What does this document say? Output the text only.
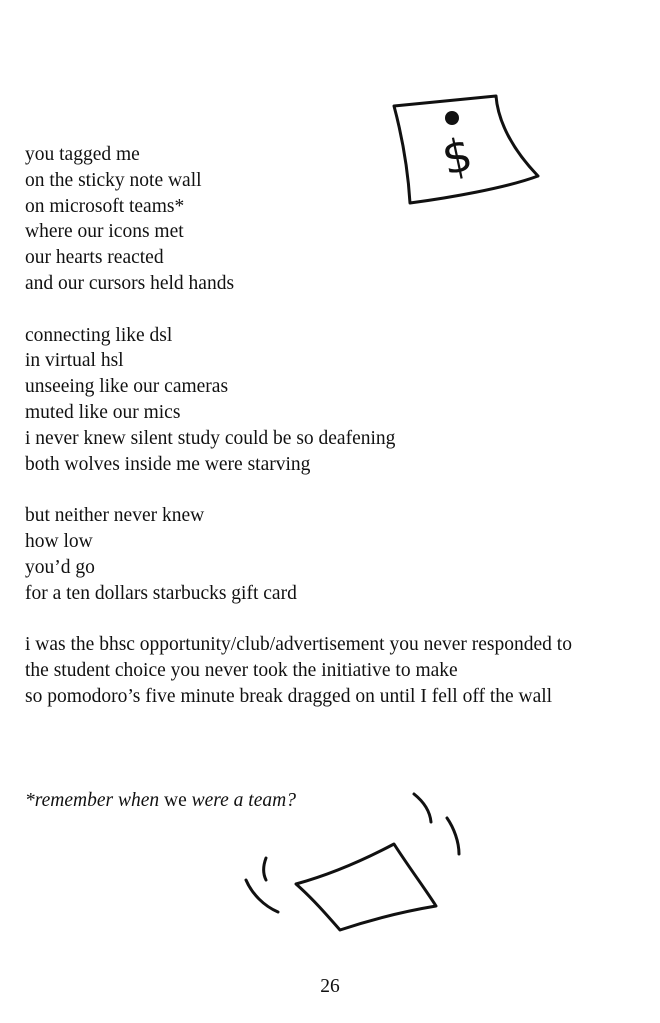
$
you tagged me
on the sticky note wall
on microsoft teams*
where our icons met
our hearts reacted
and our cursors held hands
connecting like dsl
in virtual hsl
unseeing like our cameras
muted like our mics
i never knew silent study could be so deafening
both wolves inside me were starving
but neither never knew
how low
you’d go
for a ten dollars starbucks gift card
i was the bhsc opportunity/club/advertisement you never responded to
the student choice you never took the initiative to make
so pomodoro’s five minute break dragged on until I fell off the wall
*remember when we were a team?
26
